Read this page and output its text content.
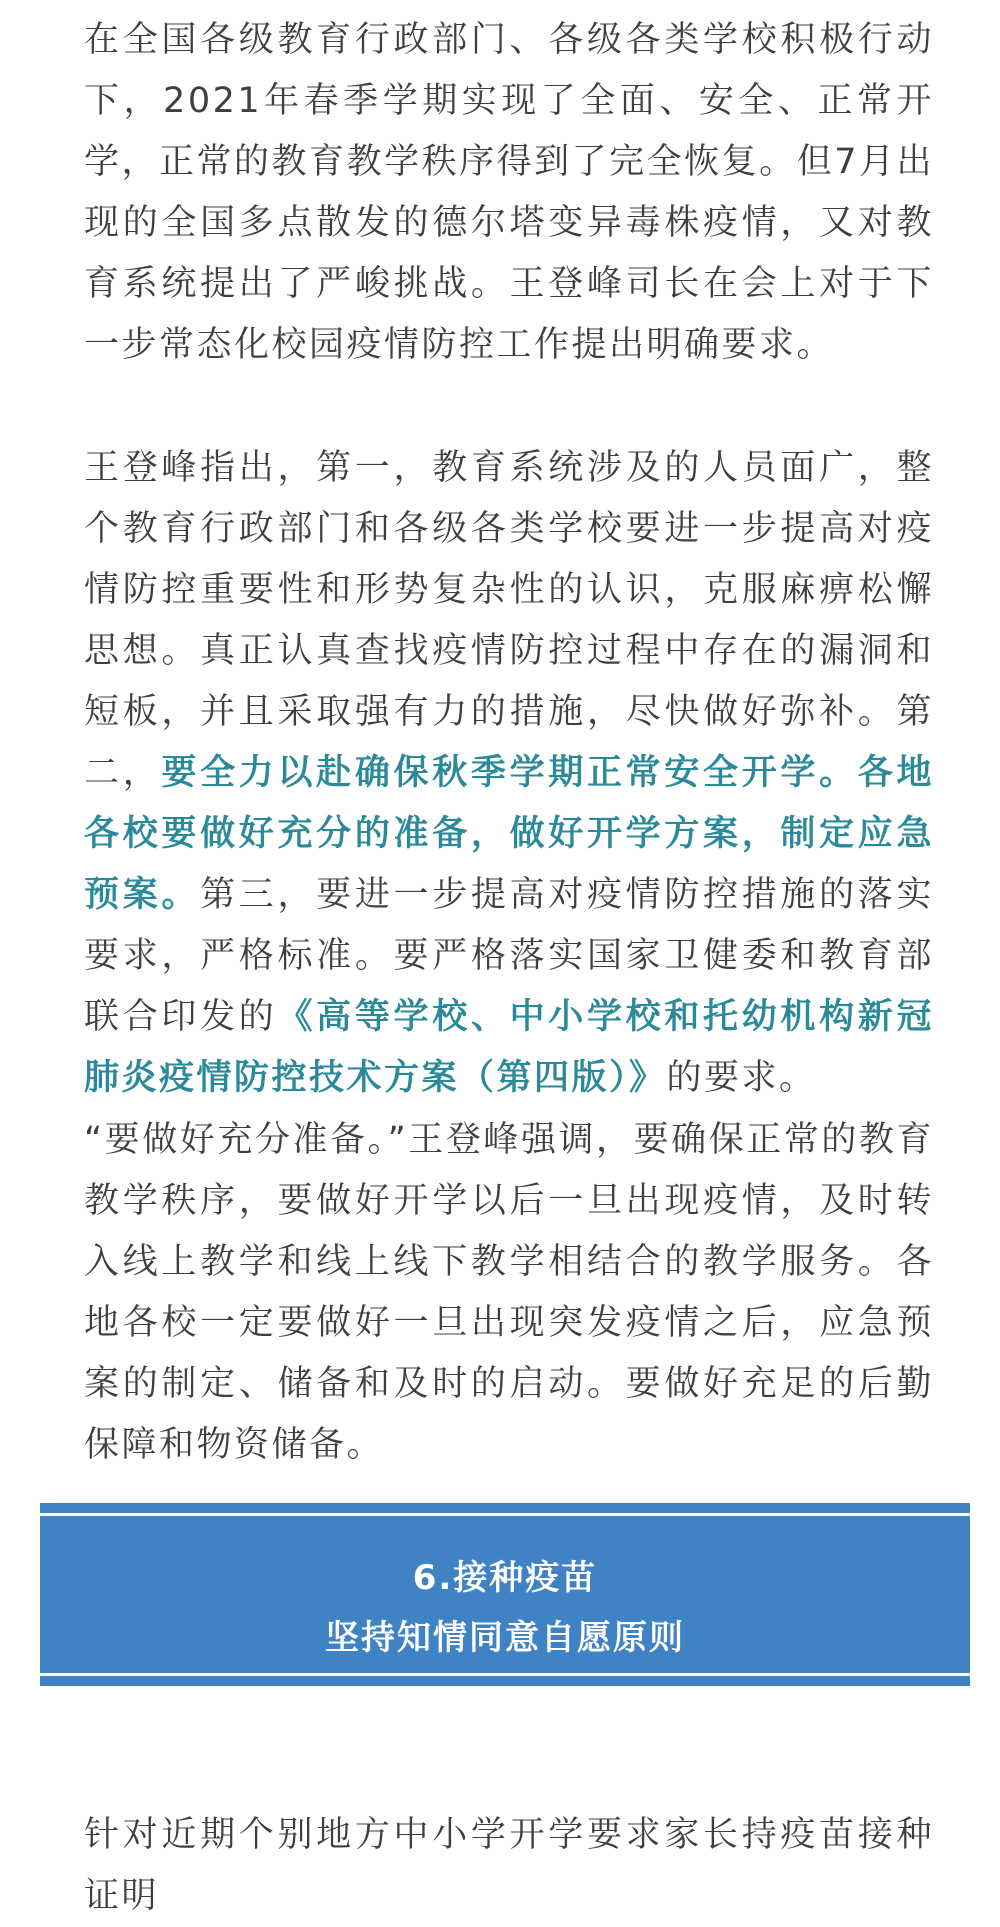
在全国各级教育行政部门、各级各类学校积极行动下，2021年春季学期实现了全面、安全、正常开学，正常的教育教学秩序得到了完全恢复。但7月出现的全国多点散发的德尔塔变异毒株疫情，又对教育系统提出了严峻挑战。王登峰司长在会上对于下一步常态化校园疫情防控工作提出明确要求。

王登峰指出，第一，教育系统涉及的人员面广，整个教育行政部门和各级各类学校要进一步提高对疫情防控重要性和形势复杂性的认识，克服麻痹松懈思想。真正认真查找疫情防控过程中存在的漏洞和短板，并且采取强有力的措施，尽快做好弥补。第二，要全力以赴确保秋季学期正常安全开学。各地各校要做好充分的准备，做好开学方案，制定应急预案。第三，要进一步提高对疫情防控措施的落实要求，严格标准。要严格落实国家卫健委和教育部联合印发的《高等学校、中小学校和托幼机构新冠肺炎疫情防控技术方案（第四版）》的要求。

“要做好充分准备。”王登峰强调，要确保正常的教育教学秩序，要做好开学以后一旦出现疫情，及时转入线上教学和线上线下教学相结合的教学服务。各地各校一定要做好一旦出现突发疫情之后，应急预案的制定、储备和及时的启动。要做好充足的后勤保障和物资储备。

6.接种疫苗
坚持知情同意自愿原则

针对近期个别地方中小学开学要求家长持疫苗接种证明
